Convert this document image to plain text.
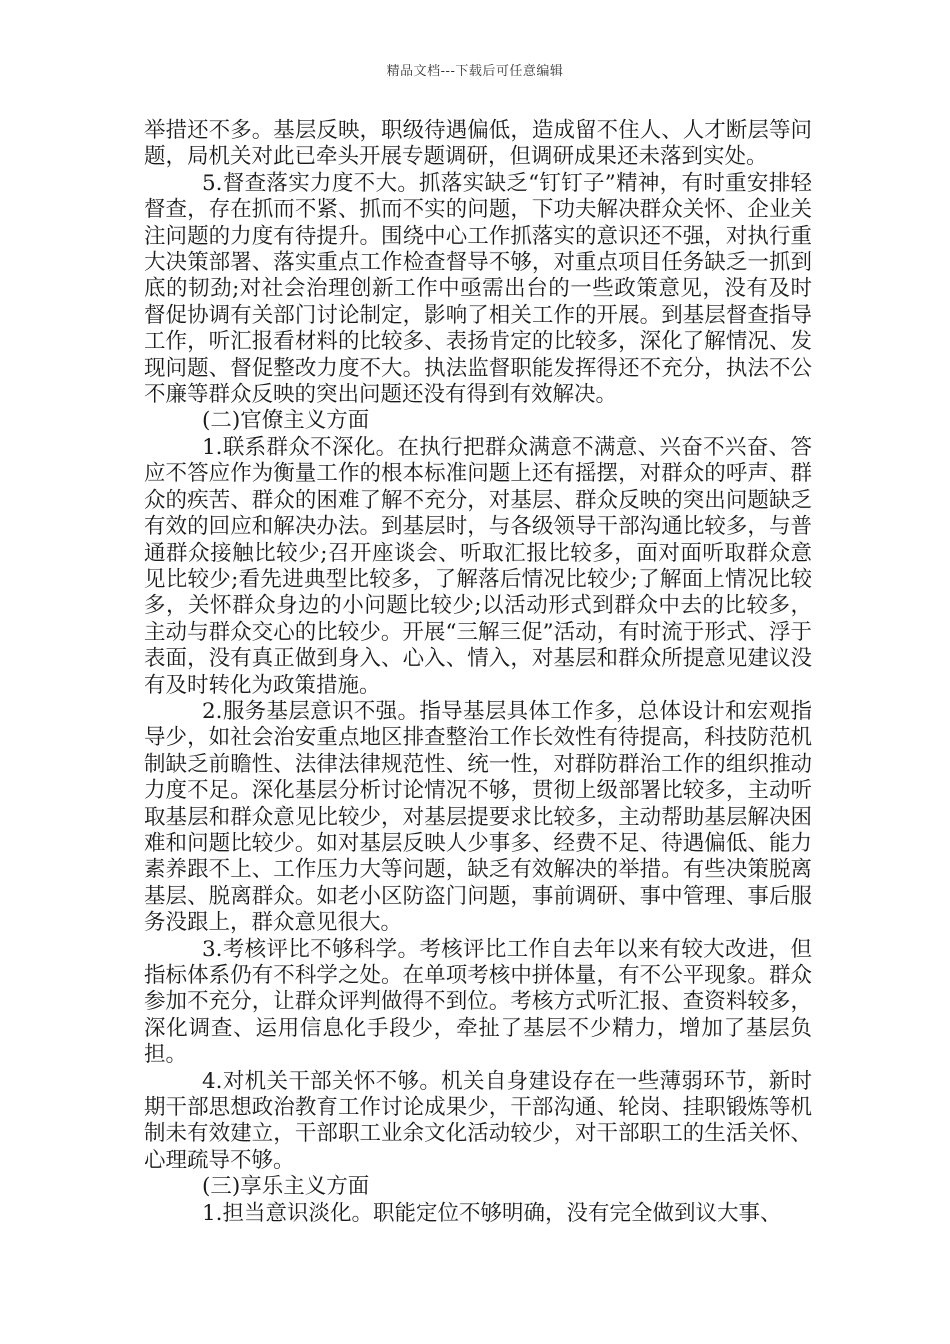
精品文档---下载后可任意编辑

举措还不多。基层反映，职级待遇偏低，造成留不住人、人才断层等问题，局机关对此已牵头开展专题调研，但调研成果还未落到实处。

5.督查落实力度不大。抓落实缺乏“钉钉子”精神，有时重安排轻督查，存在抓而不紧、抓而不实的问题，下功夫解决群众关怀、企业关注问题的力度有待提升。围绕中心工作抓落实的意识还不强，对执行重大决策部署、落实重点工作检查督导不够，对重点项目任务缺乏一抓到底的韧劲;对社会治理创新工作中亟需出台的一些政策意见，没有及时督促协调有关部门讨论制定，影响了相关工作的开展。到基层督查指导工作，听汇报看材料的比较多、表扬肯定的比较多，深化了解情况、发现问题、督促整改力度不大。执法监督职能发挥得还不充分，执法不公不廉等群众反映的突出问题还没有得到有效解决。

(二)官僚主义方面

1.联系群众不深化。在执行把群众满意不满意、兴奋不兴奋、答应不答应作为衡量工作的根本标准问题上还有摇摆，对群众的呼声、群众的疾苦、群众的困难了解不充分，对基层、群众反映的突出问题缺乏有效的回应和解决办法。到基层时，与各级领导干部沟通比较多，与普通群众接触比较少;召开座谈会、听取汇报比较多，面对面听取群众意见比较少;看先进典型比较多，了解落后情况比较少;了解面上情况比较多，关怀群众身边的小问题比较少;以活动形式到群众中去的比较多，主动与群众交心的比较少。开展“三解三促”活动，有时流于形式、浮于表面，没有真正做到身入、心入、情入，对基层和群众所提意见建议没有及时转化为政策措施。

2.服务基层意识不强。指导基层具体工作多，总体设计和宏观指导少，如社会治安重点地区排查整治工作长效性有待提高，科技防范机制缺乏前瞻性、法律法律规范性、统一性，对群防群治工作的组织推动力度不足。深化基层分析讨论情况不够，贯彻上级部署比较多，主动听取基层和群众意见比较少，对基层提要求比较多，主动帮助基层解决困难和问题比较少。如对基层反映人少事多、经费不足、待遇偏低、能力素养跟不上、工作压力大等问题，缺乏有效解决的举措。有些决策脱离基层、脱离群众。如老小区防盗门问题，事前调研、事中管理、事后服务没跟上，群众意见很大。

3.考核评比不够科学。考核评比工作自去年以来有较大改进，但指标体系仍有不科学之处。在单项考核中拼体量，有不公平现象。群众参加不充分，让群众评判做得不到位。考核方式听汇报、查资料较多，深化调查、运用信息化手段少，牵扯了基层不少精力，增加了基层负担。

4.对机关干部关怀不够。机关自身建设存在一些薄弱环节，新时期干部思想政治教育工作讨论成果少，干部沟通、轮岗、挂职锻炼等机制未有效建立，干部职工业余文化活动较少，对干部职工的生活关怀、心理疏导不够。

(三)享乐主义方面

1.担当意识淡化。职能定位不够明确，没有完全做到议大事、
